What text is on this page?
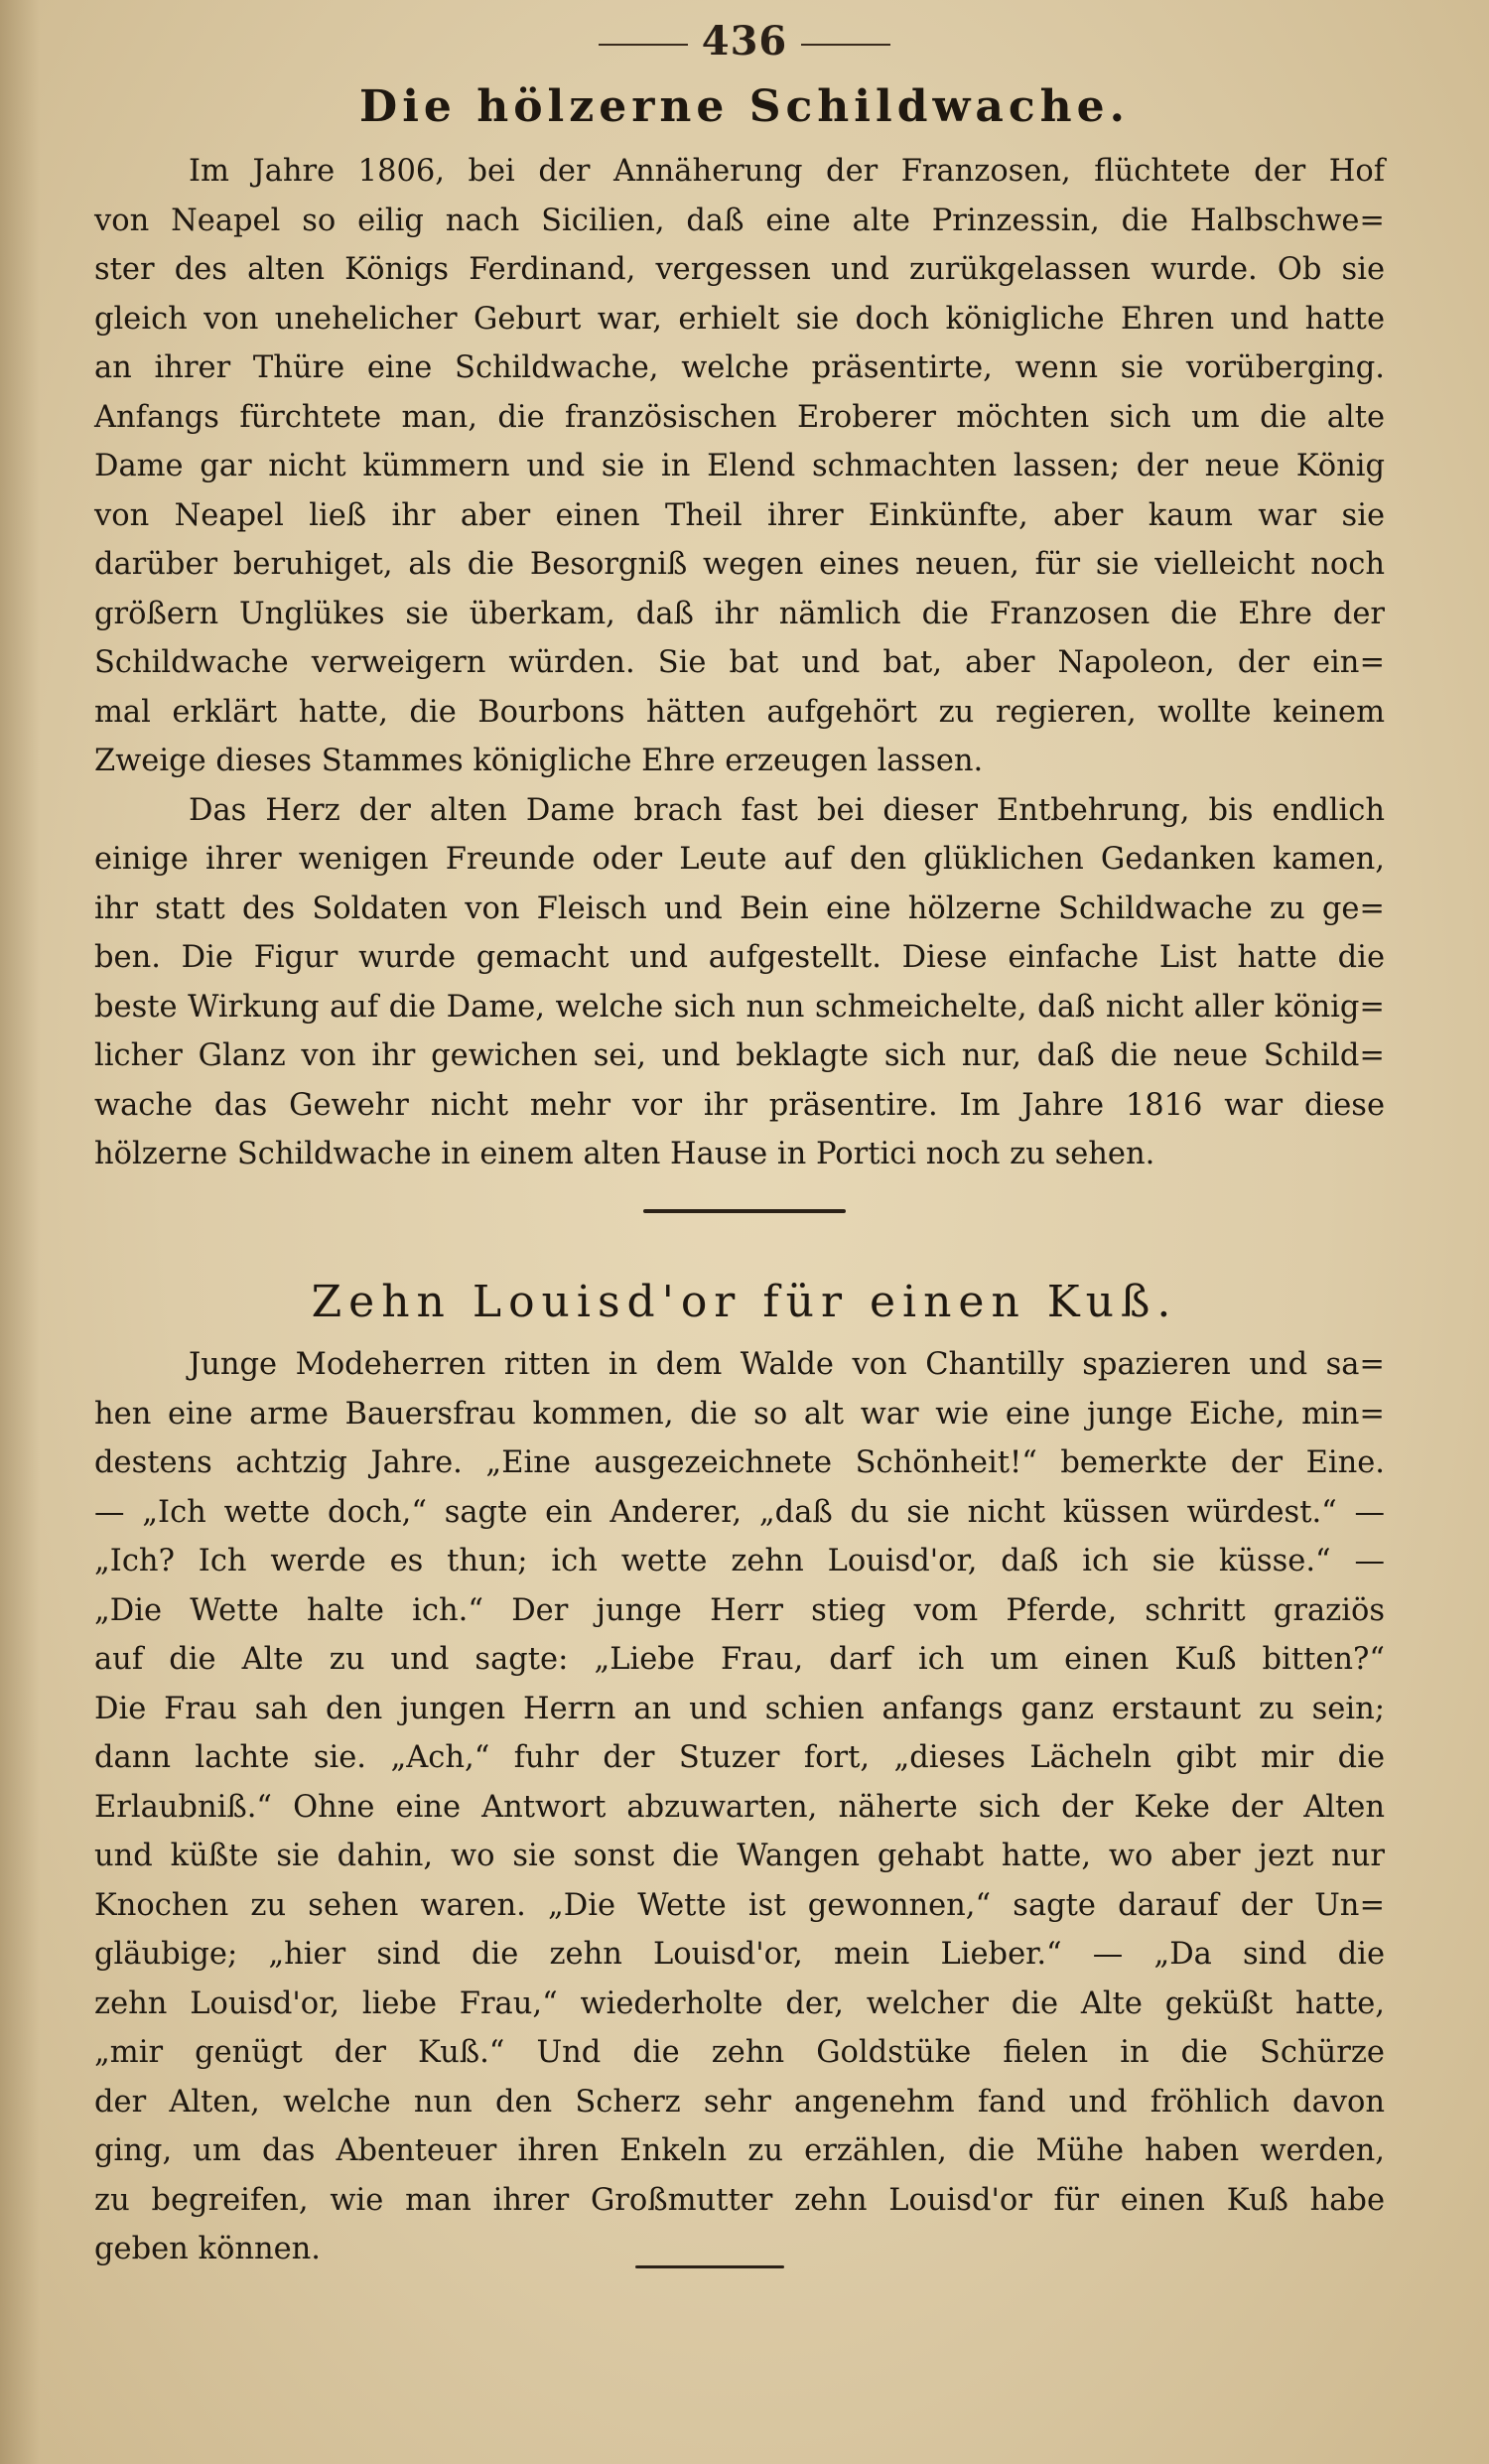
436
Die hölzerne Schildwache.
Im Jahre 1806, bei der Annäherung der Franzosen, flüchtete der Hof
von Neapel so eilig nach Sicilien, daß eine alte Prinzessin, die Halbschwe=
ster des alten Königs Ferdinand, vergessen und zurükgelassen wurde. Ob sie
gleich von unehelicher Geburt war, erhielt sie doch königliche Ehren und hatte
an ihrer Thüre eine Schildwache, welche präsentirte, wenn sie vorüberging.
Anfangs fürchtete man, die französischen Eroberer möchten sich um die alte
Dame gar nicht kümmern und sie in Elend schmachten lassen; der neue König
von Neapel ließ ihr aber einen Theil ihrer Einkünfte, aber kaum war sie
darüber beruhiget, als die Besorgniß wegen eines neuen, für sie vielleicht noch
größern Unglükes sie überkam, daß ihr nämlich die Franzosen die Ehre der
Schildwache verweigern würden. Sie bat und bat, aber Napoleon, der ein=
mal erklärt hatte, die Bourbons hätten aufgehört zu regieren, wollte keinem
Zweige dieses Stammes königliche Ehre erzeugen lassen.
Das Herz der alten Dame brach fast bei dieser Entbehrung, bis endlich
einige ihrer wenigen Freunde oder Leute auf den glüklichen Gedanken kamen,
ihr statt des Soldaten von Fleisch und Bein eine hölzerne Schildwache zu ge=
ben. Die Figur wurde gemacht und aufgestellt. Diese einfache List hatte die
beste Wirkung auf die Dame, welche sich nun schmeichelte, daß nicht aller könig=
licher Glanz von ihr gewichen sei, und beklagte sich nur, daß die neue Schild=
wache das Gewehr nicht mehr vor ihr präsentire. Im Jahre 1816 war diese
hölzerne Schildwache in einem alten Hause in Portici noch zu sehen.
Zehn Louisd'or für einen Kuß.
Junge Modeherren ritten in dem Walde von Chantilly spazieren und sa=
hen eine arme Bauersfrau kommen, die so alt war wie eine junge Eiche, min=
destens achtzig Jahre. „Eine ausgezeichnete Schönheit!“ bemerkte der Eine.
— „Ich wette doch,“ sagte ein Anderer, „daß du sie nicht küssen würdest.“ —
„Ich? Ich werde es thun; ich wette zehn Louisd'or, daß ich sie küsse.“ —
„Die Wette halte ich.“ Der junge Herr stieg vom Pferde, schritt graziös
auf die Alte zu und sagte: „Liebe Frau, darf ich um einen Kuß bitten?“
Die Frau sah den jungen Herrn an und schien anfangs ganz erstaunt zu sein;
dann lachte sie. „Ach,“ fuhr der Stuzer fort, „dieses Lächeln gibt mir die
Erlaubniß.“ Ohne eine Antwort abzuwarten, näherte sich der Keke der Alten
und küßte sie dahin, wo sie sonst die Wangen gehabt hatte, wo aber jezt nur
Knochen zu sehen waren. „Die Wette ist gewonnen,“ sagte darauf der Un=
gläubige; „hier sind die zehn Louisd'or, mein Lieber.“ — „Da sind die
zehn Louisd'or, liebe Frau,“ wiederholte der, welcher die Alte geküßt hatte,
„mir genügt der Kuß.“ Und die zehn Goldstüke fielen in die Schürze
der Alten, welche nun den Scherz sehr angenehm fand und fröhlich davon
ging, um das Abenteuer ihren Enkeln zu erzählen, die Mühe haben werden,
zu begreifen, wie man ihrer Großmutter zehn Louisd'or für einen Kuß habe
geben können.
